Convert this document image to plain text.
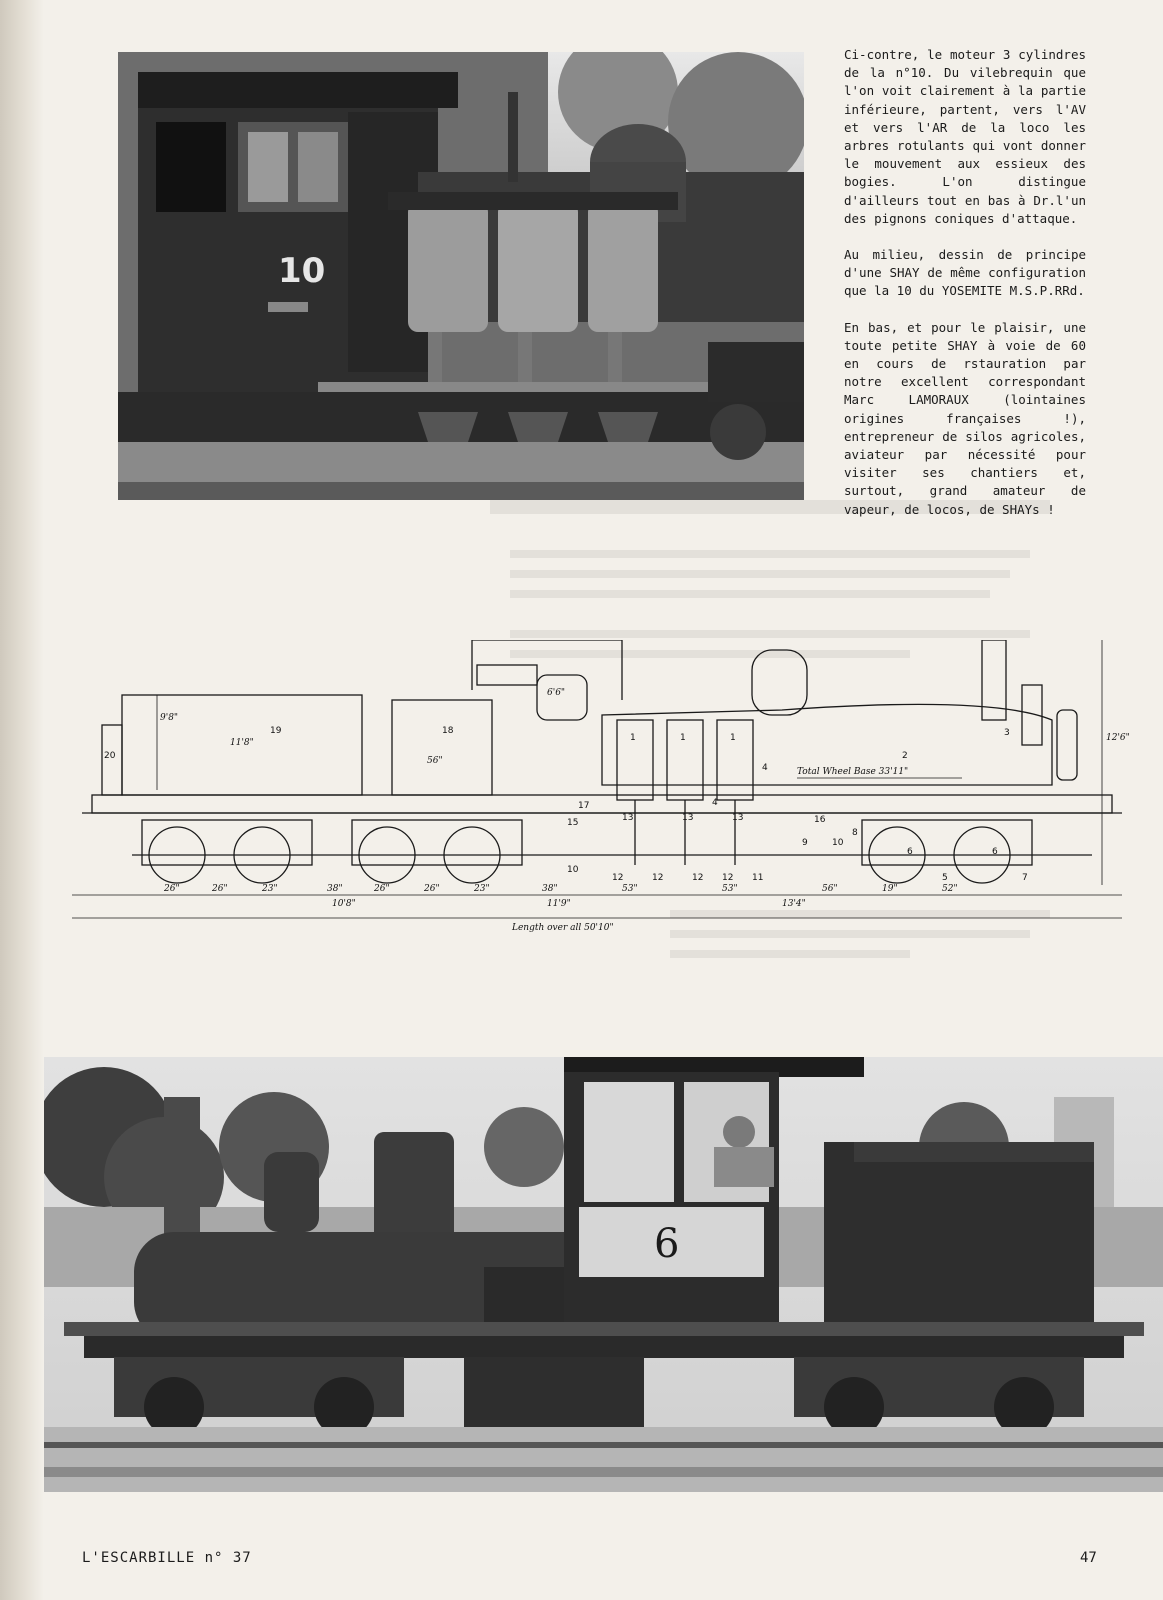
10

Ci-contre, le moteur 3 cylindres de la n°10. Du vilebrequin que l'on voit clairement à la partie inférieure, partent, vers l'AV et vers l'AR de la loco les arbres rotulants qui vont donner le mouvement aux essieux des bogies. L'on distingue d'ailleurs tout en bas à Dr.l'un des pignons coniques d'attaque.

Au milieu, dessin de principe d'une SHAY de même configuration que la 10 du YOSEMITE M.S.P.RRd.

En bas, et pour le plaisir, une toute petite SHAY à voie de 60 en cours de rstauration par notre excellent correspondant Marc LAMORAUX (lointaines origines françaises !), entrepreneur de silos agricoles, aviateur par nécessité pour visiter ses chantiers et, surtout, grand amateur de vapeur, de locos, de SHAYs !

Total Wheel Base 33'11"
Length over all 50'10"
11'8"
9'8"
12'6"
56"
6'6"
26"	26"	23"	38"
10'8"
26"	26"	23"	38"
11'9"
53"	53"	56"
13'4"
19"	52"
1	1	1
2
3
4
4
5
6	6
7
8
9	10
10
11
12	12	12 12
13	13	13
15	16
17
18
19
20
6
L'ESCARBILLE n° 37	47
